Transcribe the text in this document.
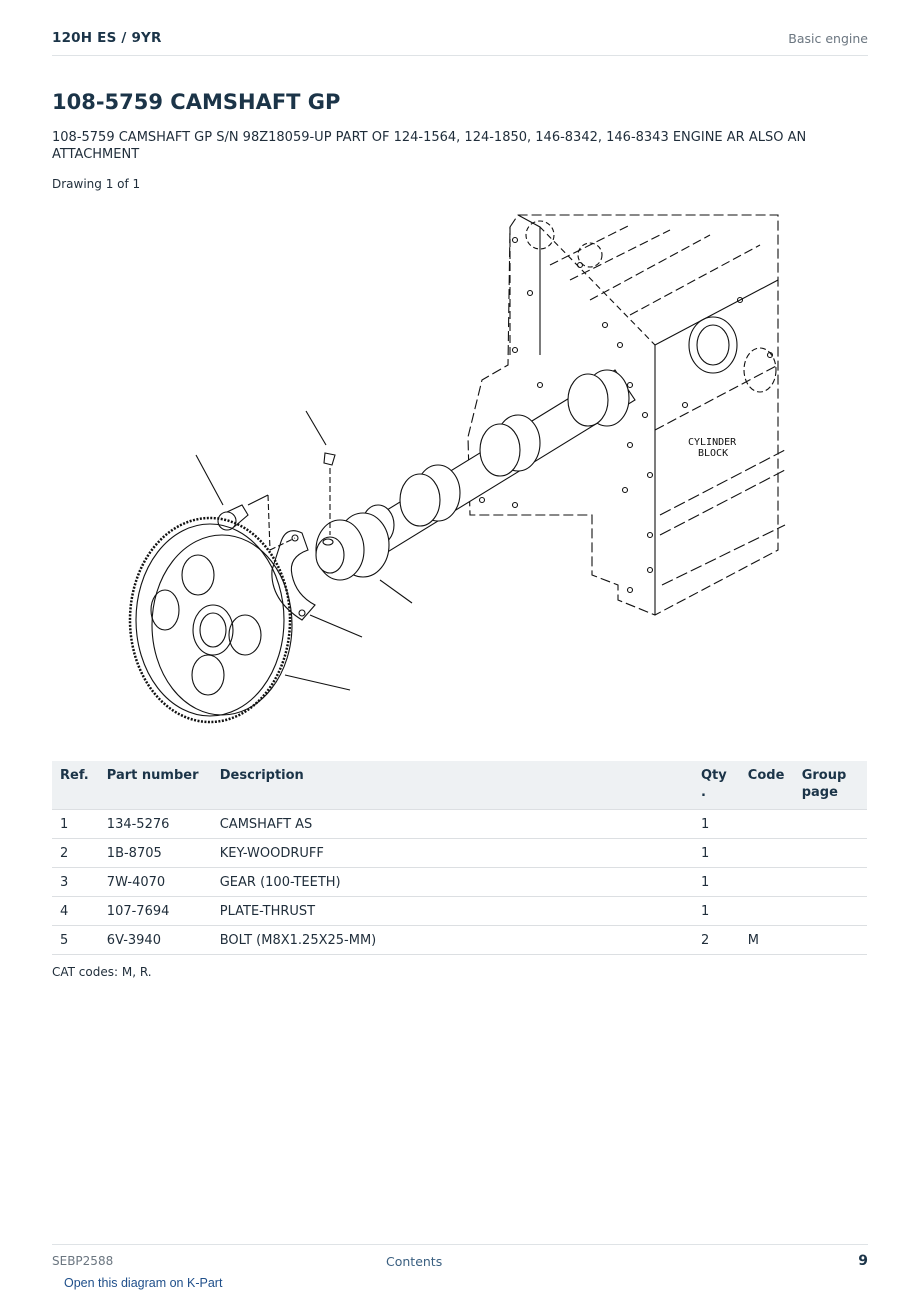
120H ES / 9YR	Basic engine
108-5759 CAMSHAFT GP

108-5759 CAMSHAFT GP S/N 98Z18059-UP PART OF 124-1564, 124-1850, 146-8342, 146-8343 ENGINE AR ALSO AN ATTACHMENT

Drawing 1 of 1
CYLINDER
BLOCK
Ref.	Part number	Description	Qty .	Code	Group page
1	134-5276	CAMSHAFT AS	1		
2	1B-8705	KEY-WOODRUFF	1		
3	7W-4070	GEAR (100-TEETH)	1		
4	107-7694	PLATE-THRUST	1		
5	6V-3940	BOLT (M8X1.25X25-MM)	2	M	
CAT codes: M, R.
SEBP2588	Contents	9
Open this diagram on K-Part
